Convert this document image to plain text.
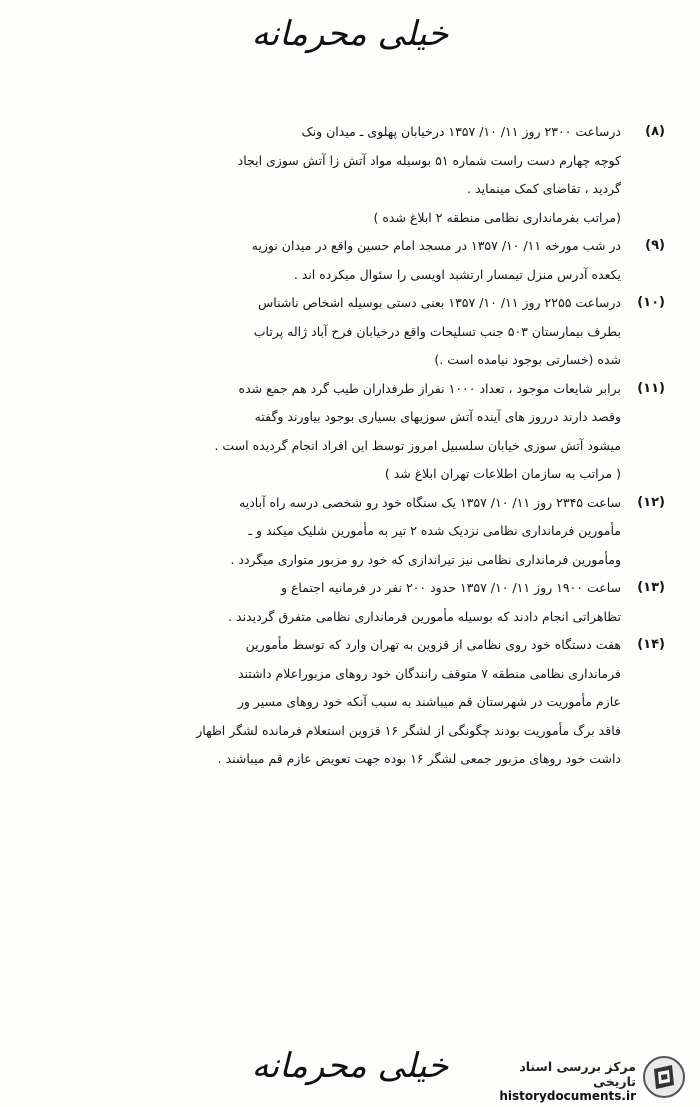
خیلی محرمانه
(۸)
درساعت ۲۳۰۰ روز ۱۱/ ۱۰/ ۱۳۵۷ درخیابان پهلوی ـ میدان ونک
کوچه چهارم دست راست شماره ۵۱ بوسیله مواد آتش زا آتش سوزی ایجاد
گردید ، تقاضای کمک مینماید .
(مراتب بفرمانداری نظامی منطقه ۲ ابلاغ شده )
(۹)
در شب مورخه ۱۱/ ۱۰/ ۱۳۵۷ در مسجد امام حسین واقع در میدان نوزیه
یکعده آدرس منزل تیمسار ارتشبد اویسی را سئوال میکرده اند .
(۱۰)
درساعت ۲۲۵۵ روز ۱۱/ ۱۰/ ۱۳۵۷ بعنی دستی بوسیله اشخاص ناشناس
بطرف بیمارستان ۵۰۳ جنب تسلیحات واقع درخیابان فرح آباد ژاله پرتاب
شده (خسارتی بوجود نیامده است .)
(۱۱)
برابر شایعات موجود ، تعداد ۱۰۰۰ نفراز طرفداران طیب گرد هم جمع شده
وقصد دارند درروز های آینده آتش سوزیهای بسیاری بوجود بیاورند وگفته
میشود آتش سوزی خیابان سلسبیل امروز توسط این افراد انجام گردیده است .
( مراتب به سازمان اطلاعات تهران ابلاغ شد )
(۱۲)
ساعت ۲۳۴۵ روز ۱۱/ ۱۰/ ۱۳۵۷ یک سنگاه خود رو شخصی درسه راه آبادیه
مأمورین فرمانداری نظامی نزدیک شده ۲ تیر به مأمورین شلیک میکند و ـ
ومأمورین فرمانداری نظامی نیز تیراندازی که خود رو مزبور متواری میگردد .
(۱۳)
ساعت ۱۹۰۰ روز ۱۱/ ۱۰/ ۱۳۵۷ حدود ۲۰۰ نفر در فرمانیه اجتماع و
تظاهراتی انجام دادند که بوسیله مأمورین فرمانداری نظامی متفرق گردیدند .
(۱۴)
هفت دستگاه خود روی نظامی از قزوین به تهران وارد که توسط مأمورین
فرمانداری نظامی منطقه ۷ متوقف رانندگان خود روهای مزبوراعلام داشتند
عازم مأموریت در شهرستان قم میباشند به سبب آنکه خود روهای مسیر ور
فاقد برگ مأموریت بودند چگونگی از لشگر ۱۶ قزوین استعلام فرمانده لشگر اظهار
داشت خود روهای مزبور جمعی لشگر ۱۶ بوده جهت تعویض عازم قم میباشند .
خیلی محرمانه	مرکز بررسی اسناد تاریخی
historydocuments.ir
